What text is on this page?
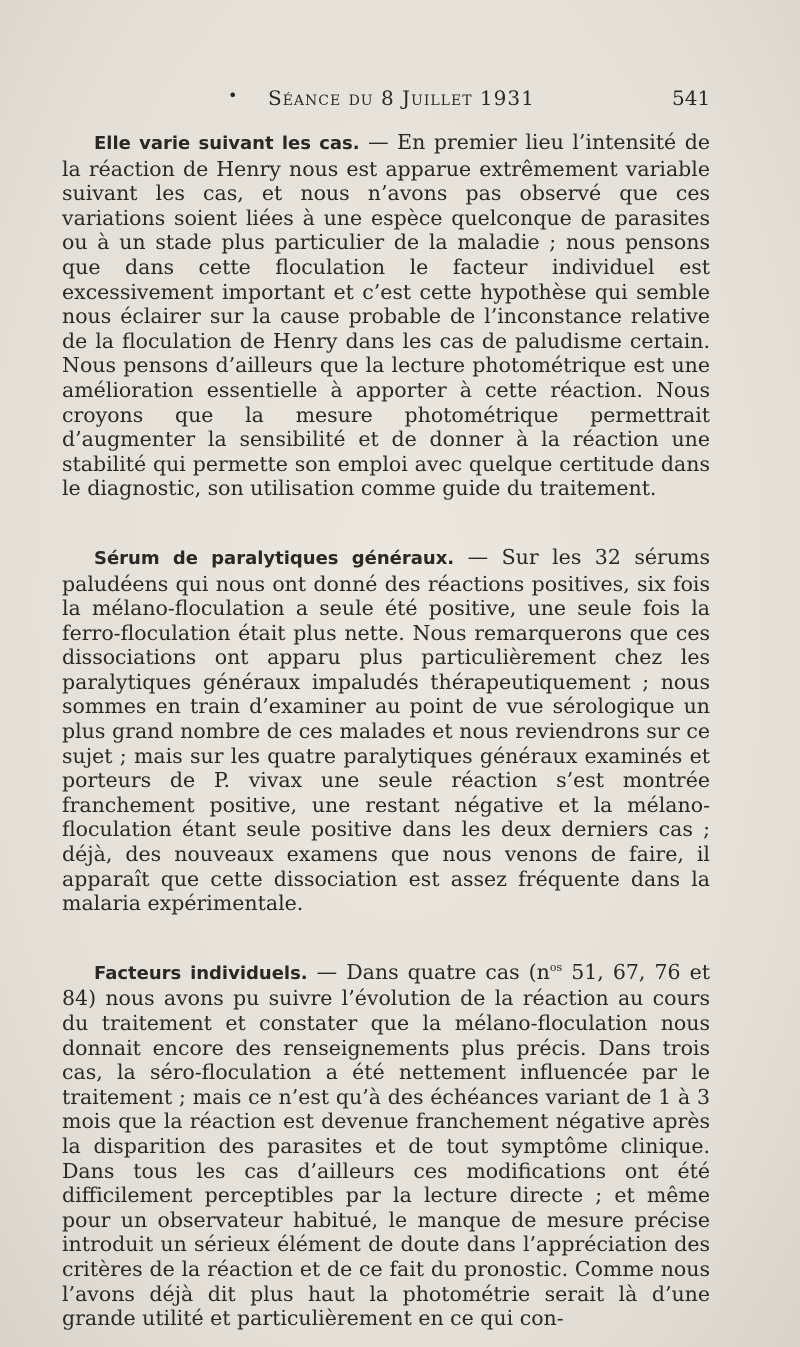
• Séance du 8 Juillet 1931	541

Elle varie suivant les cas. — En premier lieu l’intensité de la réaction de Henry nous est apparue extrêmement variable suivant les cas, et nous n’avons pas observé que ces variations soient liées à une espèce quelconque de parasites ou à un stade plus particulier de la maladie ; nous pensons que dans cette floculation le facteur individuel est excessivement important et c’est cette hypothèse qui semble nous éclairer sur la cause probable de l’inconstance relative de la floculation de Henry dans les cas de paludisme certain. Nous pensons d’ailleurs que la lecture photométrique est une amélioration essentielle à apporter à cette réaction. Nous croyons que la mesure photométrique permettrait d’augmenter la sensibilité et de donner à la réaction une stabilité qui permette son emploi avec quelque certitude dans le diagnostic, son utilisation comme guide du traitement.

Sérum de paralytiques généraux. — Sur les 32 sérums paludéens qui nous ont donné des réactions positives, six fois la mélano-floculation a seule été positive, une seule fois la ferro-floculation était plus nette. Nous remarquerons que ces dissociations ont apparu plus particulièrement chez les paralytiques généraux impaludés thérapeutiquement ; nous sommes en train d’examiner au point de vue sérologique un plus grand nombre de ces malades et nous reviendrons sur ce sujet ; mais sur les quatre paralytiques généraux examinés et porteurs de P. vivax une seule réaction s’est montrée franchement positive, une restant négative et la mélano-floculation étant seule positive dans les deux derniers cas ; déjà, des nouveaux examens que nous venons de faire, il apparaît que cette dissociation est assez fréquente dans la malaria expérimentale.

Facteurs individuels. — Dans quatre cas ($n^{os}$ 51, 67, 76 et 84) nous avons pu suivre l’évolution de la réaction au cours du traitement et constater que la mélano-floculation nous donnait encore des renseignements plus précis. Dans trois cas, la séro-floculation a été nettement influencée par le traitement ; mais ce n’est qu’à des échéances variant de 1 à 3 mois que la réaction est devenue franchement négative après la disparition des parasites et de tout symptôme clinique. Dans tous les cas d’ailleurs ces modifications ont été difficilement perceptibles par la lecture directe ; et même pour un observateur habitué, le manque de mesure précise introduit un sérieux élément de doute dans l’appréciation des critères de la réaction et de ce fait du pronostic. Comme nous l’avons déjà dit plus haut la photométrie serait là d’une grande utilité et particulièrement en ce qui con-
